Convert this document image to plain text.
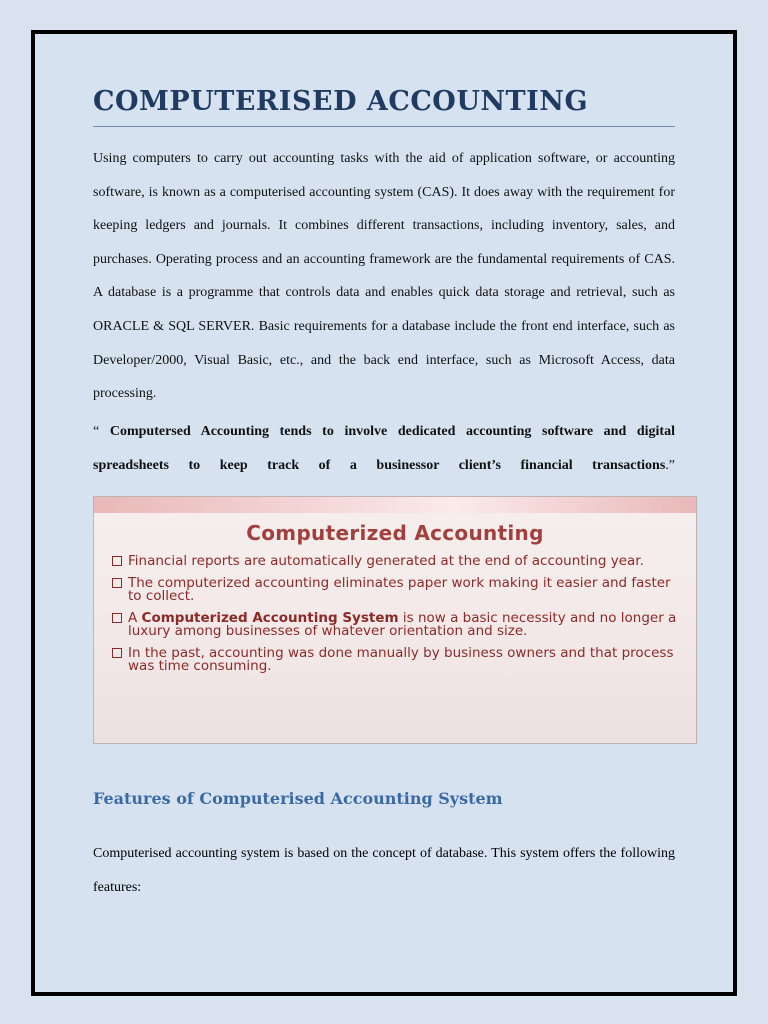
COMPUTERISED ACCOUNTING

Using computers to carry out accounting tasks with the aid of application software, or accounting software, is known as a computerised accounting system (CAS). It does away with the requirement for keeping ledgers and journals. It combines different transactions, including inventory, sales, and purchases. Operating process and an accounting framework are the fundamental requirements of CAS. A database is a programme that controls data and enables quick data storage and retrieval, such as ORACLE & SQL SERVER. Basic requirements for a database include the front end interface, such as Developer/2000, Visual Basic, etc., and the back end interface, such as Microsoft Access, data processing.

“ Computersed Accounting tends to involve dedicated accounting software and digital spreadsheets to keep track of a businessor client’s financial transactions.”

Computerized Accounting
Financial reports are automatically generated at the end of accounting year.
The computerized accounting eliminates paper work making it easier and faster to collect.
A Computerized Accounting System is now a basic necessity and no longer a luxury among businesses of whatever orientation and size.
In the past, accounting was done manually by business owners and that process was time consuming.
Features of Computerised Accounting System

Computerised accounting system is based on the concept of database. This system offers the following features:
